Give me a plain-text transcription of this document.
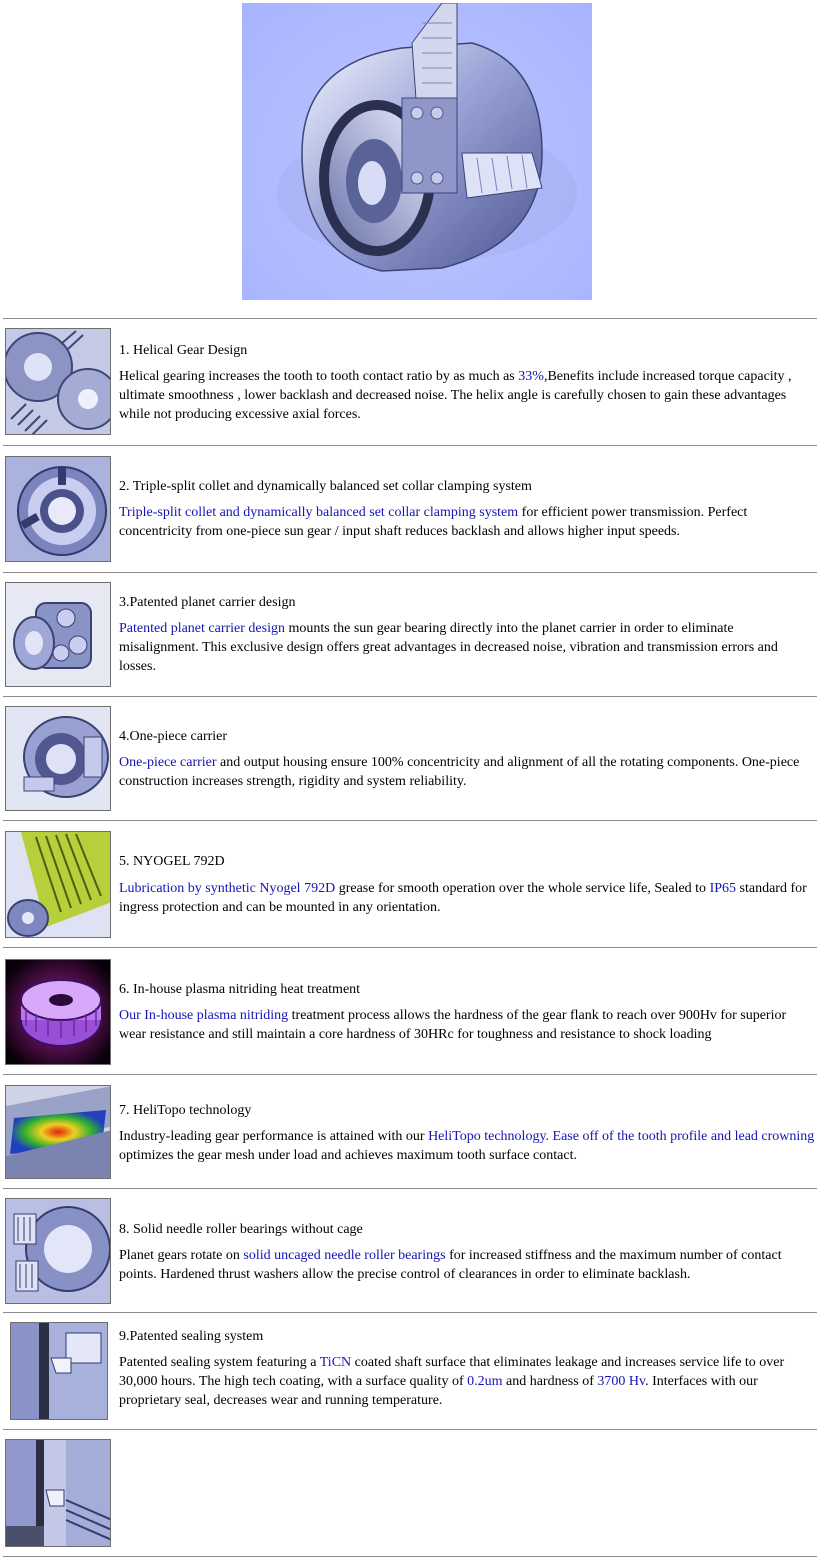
1. Helical Gear Design
Helical gearing increases the tooth to tooth contact ratio by as much as 33%,Benefits include increased torque capacity , ultimate smoothness , lower backlash and decreased noise. The helix angle is carefully chosen to gain these advantages while not producing excessive axial forces.
2. Triple-split collet and dynamically balanced set collar clamping system
Triple-split collet and dynamically balanced set collar clamping system for efficient power transmission. Perfect concentricity from one-piece sun gear / input shaft reduces backlash and allows higher input speeds.
3.Patented planet carrier design
Patented planet carrier design mounts the sun gear bearing directly into the planet carrier in order to eliminate misalignment. This exclusive design offers great advantages in decreased noise, vibration and transmission errors and losses.
4.One-piece carrier
One-piece carrier and output housing ensure 100% concentricity and alignment of all the rotating components. One-piece construction increases strength, rigidity and system reliability.
5. NYOGEL 792D
Lubrication by synthetic Nyogel 792D grease for smooth operation over the whole service life, Sealed to IP65 standard for ingress protection and can be mounted in any orientation.
6. In-house plasma nitriding heat treatment
Our In-house plasma nitriding treatment process allows the hardness of the gear flank to reach over 900Hv for superior wear resistance and still maintain a core hardness of 30HRc for toughness and resistance to shock loading
7. HeliTopo technology
Industry-leading gear performance is attained with our HeliTopo technology. Ease off of the tooth profile and lead crowning optimizes the gear mesh under load and achieves maximum tooth surface contact.
8. Solid needle roller bearings without cage
Planet gears rotate on solid uncaged needle roller bearings for increased stiffness and the maximum number of contact points. Hardened thrust washers allow the precise control of clearances in order to eliminate backlash.
9.Patented sealing system
Patented sealing system featuring a TiCN coated shaft surface that eliminates leakage and increases service life to over 30,000 hours. The high tech coating, with a surface quality of 0.2um and hardness of 3700 Hv. Interfaces with our proprietary seal, decreases wear and running temperature.
